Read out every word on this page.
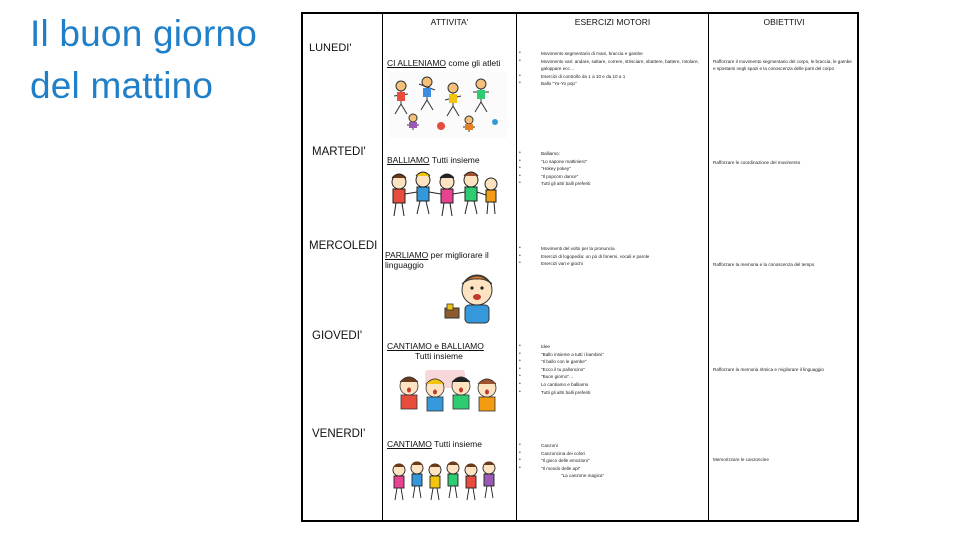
Il buon giorno
del mattino
ATTIVITA'	ESERCIZI MOTORI	OBIETTIVI
LUNEDI'
CI ALLENIAMO come gli atleti
• Movimento segmentario di mani, braccia e gambe
• Movimento vari: andare, saltare, correre, strisciare, sbattere, battere, rotolare, galoppare ecc…
• Esercizi di controllo da 1 a 10 e da 10 a 1
• Ballo "Yo-Yo pop"
Rafforzare il movimento segmentario del corpo, le braccia, le gambe e spostarsi negli spazi e la conoscenza delle parti del corpo
MARTEDI'
BALLIAMO Tutti insieme
• Balliamo:
• "Lo sapone mattiniero"
• "Hokey pokey"
• "Il popcorn dance"
• Tutti gli altri balli preferiti
Rafforzare le coordinazione del movimento
MERCOLEDI
PARLIAMO per migliorare il linguaggio
• Movimenti del volto per la pronuncia
• Esercizi di logopedia: un pò di fonemi, vocali e parole
• Esercizi vari e giochi	Rafforzare la memoria e la conoscenza del tempo
GIOVEDI'
CANTIAMO e BALLIAMO
Tutti insieme
• Idee
• "Ballo insieme a tutti i bambini"
• "Il ballo con le gambe"
• "Ecco il tu palloncino"
• "Buon giorno"…
• Lo cantiamo e balliamo
• Tutti gli altri balli preferiti
Rafforzare la memoria ritmica e migliorare il linguaggio
VENERDI'
CANTIAMO Tutti insieme
•	Canzoni
• Canzoncina dei colori
• "Il gioco delle emozioni"
• "Il mondo delle api"
"La canzone magica"
Memorizzare le canzoncine
